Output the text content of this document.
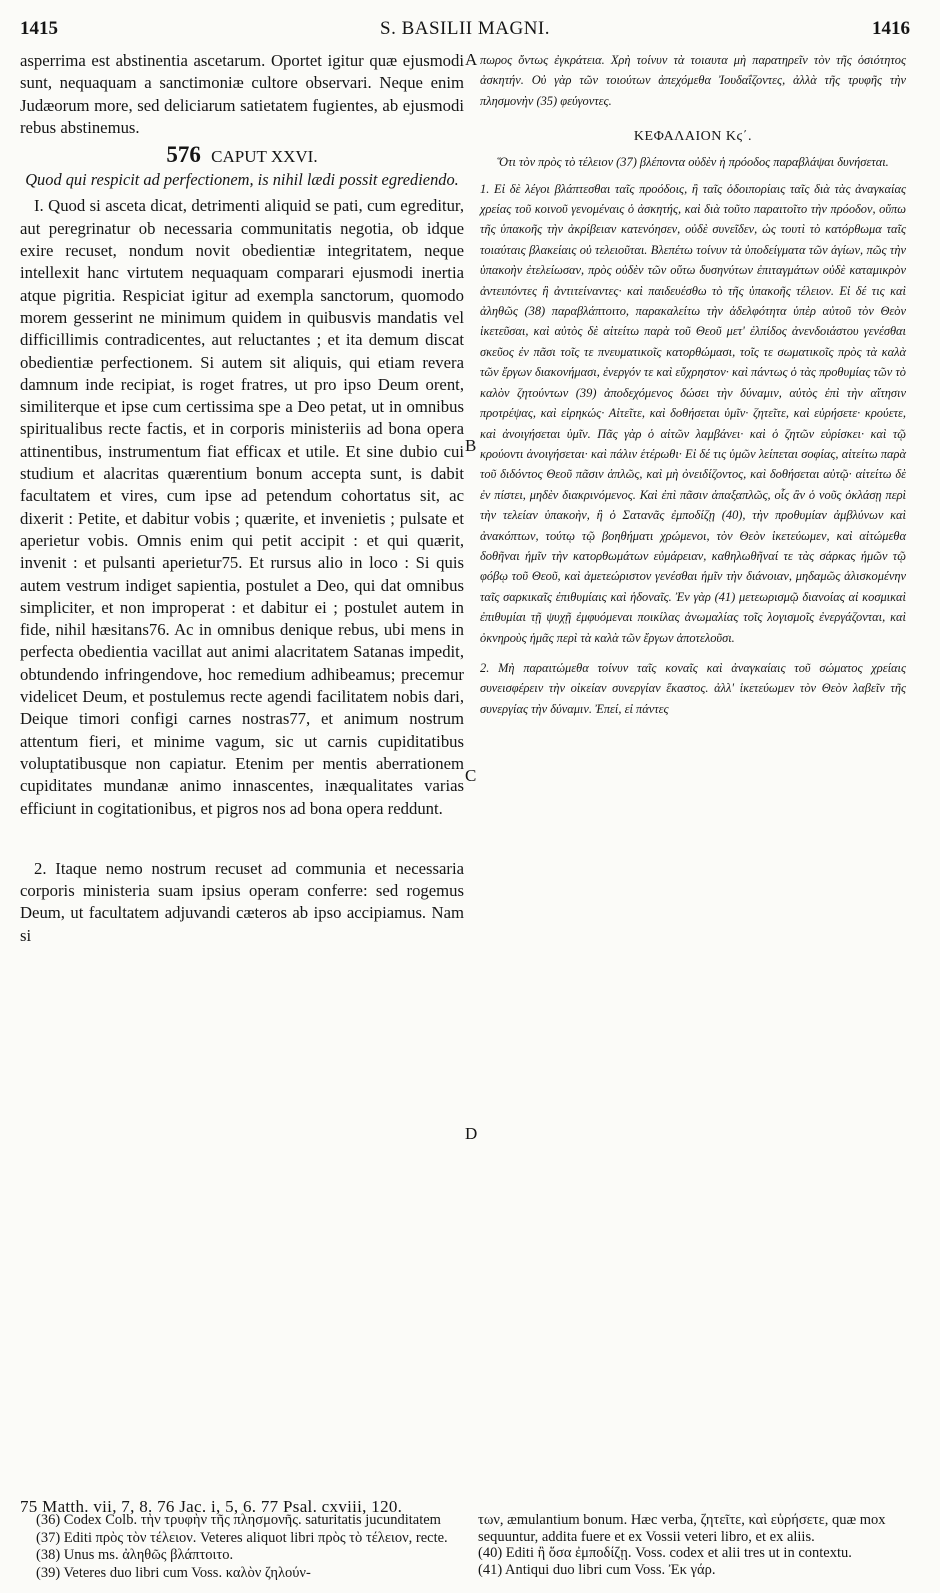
1415	S. BASILII MAGNI.	1416

asperrima est abstinentia ascetarum. Oportet igitur quæ ejusmodi sunt, nequaquam a sanctimoniæ cultore observari. Neque enim Judæorum more, sed deliciarum satietatem fugientes, ab ejusmodi rebus abstinemus.

576 CAPUT XXVI.
Quod qui respicit ad perfectionem, is nihil lædi possit egrediendo.

I. Quod si asceta dicat, detrimenti aliquid se pati, cum egreditur, aut peregrinatur ob necessaria communitatis negotia, ob idque exire recuset, nondum novit obedientiæ integritatem, neque intellexit hanc virtutem nequaquam comparari ejusmodi inertia atque pigritia. Respiciat igitur ad exempla sanctorum, quomodo morem gesserint ne minimum quidem in quibusvis mandatis vel difficillimis contradicentes, aut reluctantes ; et ita demum discat obedientiæ perfectionem. Si autem sit aliquis, qui etiam revera damnum inde recipiat, is roget fratres, ut pro ipso Deum orent, similiterque et ipse cum certissima spe a Deo petat, ut in omnibus spiritualibus recte factis, et in corporis ministeriis ad bona opera attinentibus, instrumentum fiat efficax et utile. Et sine dubio cui studium et alacritas quærentium bonum accepta sunt, is dabit facultatem et vires, cum ipse ad petendum cohortatus sit, ac dixerit : Petite, et dabitur vobis ; quærite, et invenietis ; pulsate et aperietur vobis. Omnis enim qui petit accipit : et qui quærit, invenit : et pulsanti aperietur75. Et rursus alio in loco : Si quis autem vestrum indiget sapientia, postulet a Deo, qui dat omnibus simpliciter, et non improperat : et dabitur ei ; postulet autem in fide, nihil hæsitans76. Ac in omnibus denique rebus, ubi mens in perfecta obedientia vacillat aut animi alacritatem Satanas impedit, obtundendo infringendove, hoc remedium adhibeamus; precemur videlicet Deum, et postulemus recte agendi facilitatem nobis dari, Deique timori configi carnes nostras77, et animum nostrum attentum fieri, et minime vagum, sic ut carnis cupiditatibus voluptatibusque non capiatur. Etenim per mentis aberrationem cupiditates mundanæ animo innascentes, inæqualitates varias efficiunt in cogitationibus, et pigros nos ad bona opera reddunt.

2. Itaque nemo nostrum recuset ad communia et necessaria corporis ministeria suam ipsius operam conferre: sed rogemus Deum, ut facultatem adjuvandi cæteros ab ipso accipiamus. Nam si

πωρος ὄντως ἐγκράτεια. Χρὴ τοίνυν τὰ τοιαυτα μὴ παρατηρεῖν τὸν τῆς ὁσιότητος ἀσκητήν. Οὐ γὰρ τῶν τοιούτων ἀπεχόμεθα Ἰουδαΐζοντες, ἀλλὰ τῆς τρυφῆς τὴν πλησμονὴν (35) φεύγοντες.

ΚΕΦΑΛΑΙΟΝ Κϛ΄.
Ὅτι τὸν πρὸς τὸ τέλειον (37) βλέποντα οὐδὲν ἡ πρόοδος παραβλάψαι δυνήσεται.

1. Εἰ δὲ λέγοι βλάπτεσθαι ταῖς προόδοις, ἢ ταῖς ὁδοιπορίαις ταῖς διὰ τὰς ἀναγκαίας χρείας τοῦ κοινοῦ γενομέναις ὁ ἀσκητής, καὶ διὰ τοῦτο παραιτοῖτο τὴν πρόοδον, οὔπω τῆς ὑπακοῆς τὴν ἀκρίβειαν κατενόησεν, οὐδὲ συνεῖδεν, ὡς τουτὶ τὸ κατόρθωμα ταῖς τοιαύταις βλακείαις οὐ τελειοῦται. Βλεπέτω τοίνυν τὰ ὑποδείγματα τῶν ἁγίων, πῶς τὴν ὑπακοὴν ἐτελείωσαν, πρὸς οὐδὲν τῶν οὕτω δυσηνύτων ἐπιταγμάτων οὐδὲ καταμικρὸν ἀντειπόντες ἢ ἀντιτείναντες· καὶ παιδευέσθω τὸ τῆς ὑπακοῆς τέλειον. Εἰ δέ τις καὶ ἀληθῶς (38) παραβλάπτοιτο, παρακαλείτω τὴν ἀδελφότητα ὑπὲρ αὐτοῦ τὸν Θεὸν ἱκετεῦσαι, καὶ αὐτὸς δὲ αἰτείτω παρὰ τοῦ Θεοῦ μετ' ἐλπίδος ἀνενδοιάστου γενέσθαι σκεῦος ἐν πᾶσι τοῖς τε πνευματικοῖς κατορθώμασι, τοῖς τε σωματικοῖς πρὸς τὰ καλὰ τῶν ἔργων διακονήμασι, ἐνεργόν τε καὶ εὔχρηστον· καὶ πάντως ὁ τὰς προθυμίας τῶν τὸ καλὸν ζητούντων (39) ἀποδεχόμενος δώσει τὴν δύναμιν, αὐτὸς ἐπὶ τὴν αἴτησιν προτρέψας, καὶ εἰρηκώς· Αἰτεῖτε, καὶ δοθήσεται ὑμῖν· ζητεῖτε, καὶ εὑρήσετε· κρούετε, καὶ ἀνοιγήσεται ὑμῖν. Πᾶς γὰρ ὁ αἰτῶν λαμβάνει· καὶ ὁ ζητῶν εὑρίσκει· καὶ τῷ κρούοντι ἀνοιγήσεται· καὶ πάλιν ἑτέρωθι· Εἰ δέ τις ὑμῶν λείπεται σοφίας, αἰτείτω παρὰ τοῦ διδόντος Θεοῦ πᾶσιν ἁπλῶς, καὶ μὴ ὀνειδίζοντος, καὶ δοθήσεται αὐτῷ· αἰτείτω δὲ ἐν πίστει, μηδὲν διακρινόμενος. Καὶ ἐπὶ πᾶσιν ἁπαξαπλῶς, οἷς ἂν ὁ νοῦς ὀκλάσῃ περὶ τὴν τελείαν ὑπακοὴν, ἢ ὁ Σατανᾶς ἐμποδίζῃ (40), τὴν προθυμίαν ἀμβλύνων καὶ ἀνακόπτων, τούτῳ τῷ βοηθήματι χρώμενοι, τὸν Θεὸν ἱκετεύωμεν, καὶ αἰτώμεθα δοθῆναι ἡμῖν τὴν κατορθωμάτων εὐμάρειαν, καθηλωθῆναί τε τὰς σάρκας ἡμῶν τῷ φόβῳ τοῦ Θεοῦ, καὶ ἀμετεώριστον γενέσθαι ἡμῖν τὴν διάνοιαν, μηδαμῶς ἁλισκομένην ταῖς σαρκικαῖς ἐπιθυμίαις καὶ ἡδοναῖς. Ἐν γὰρ (41) μετεωρισμῷ διανοίας αἱ κοσμικαὶ ἐπιθυμίαι τῇ ψυχῇ ἐμφυόμεναι ποικίλας ἀνωμαλίας τοῖς λογισμοῖς ἐνεργάζονται, καὶ ὀκνηροὺς ἡμᾶς περὶ τὰ καλὰ τῶν ἔργων ἀποτελοῦσι.

2. Μὴ παραιτώμεθα τοίνυν ταῖς κοναῖς καὶ ἀναγκαίαις τοῦ σώματος χρείαις συνεισφέρειν τὴν οἰκείαν συνεργίαν ἕκαστος. ἀλλ' ἱκετεύωμεν τὸν Θεὸν λαβεῖν τῆς συνεργίας τὴν δύναμιν. Ἐπεί, εἰ πάντες

A
B
C
D
75 Matth. vii, 7, 8. 76 Jac. i, 5, 6. 77 Psal. cxviii, 120.

(36) Codex Colb. τὴν τρυφὴν τῆς πλησμονῆς. saturitatis jucunditatem

(37) Editi πρὸς τὸν τέλειον. Veteres aliquot libri πρὸς τὸ τέλειον, recte.

(38) Unus ms. ἀληθῶς βλάπτοιτο.

(39) Veteres duo libri cum Voss. καλὸν ζηλούν-

των, æmulantium bonum. Hæc verba, ζητεῖτε, καὶ εὑρήσετε, quæ mox sequuntur, addita fuere et ex Vossii veteri libro, et ex aliis.

(40) Editi ἢ ὅσα ἐμποδίζῃ. Voss. codex et alii tres ut in contextu.

(41) Antiqui duo libri cum Voss. Ἐκ γάρ.
